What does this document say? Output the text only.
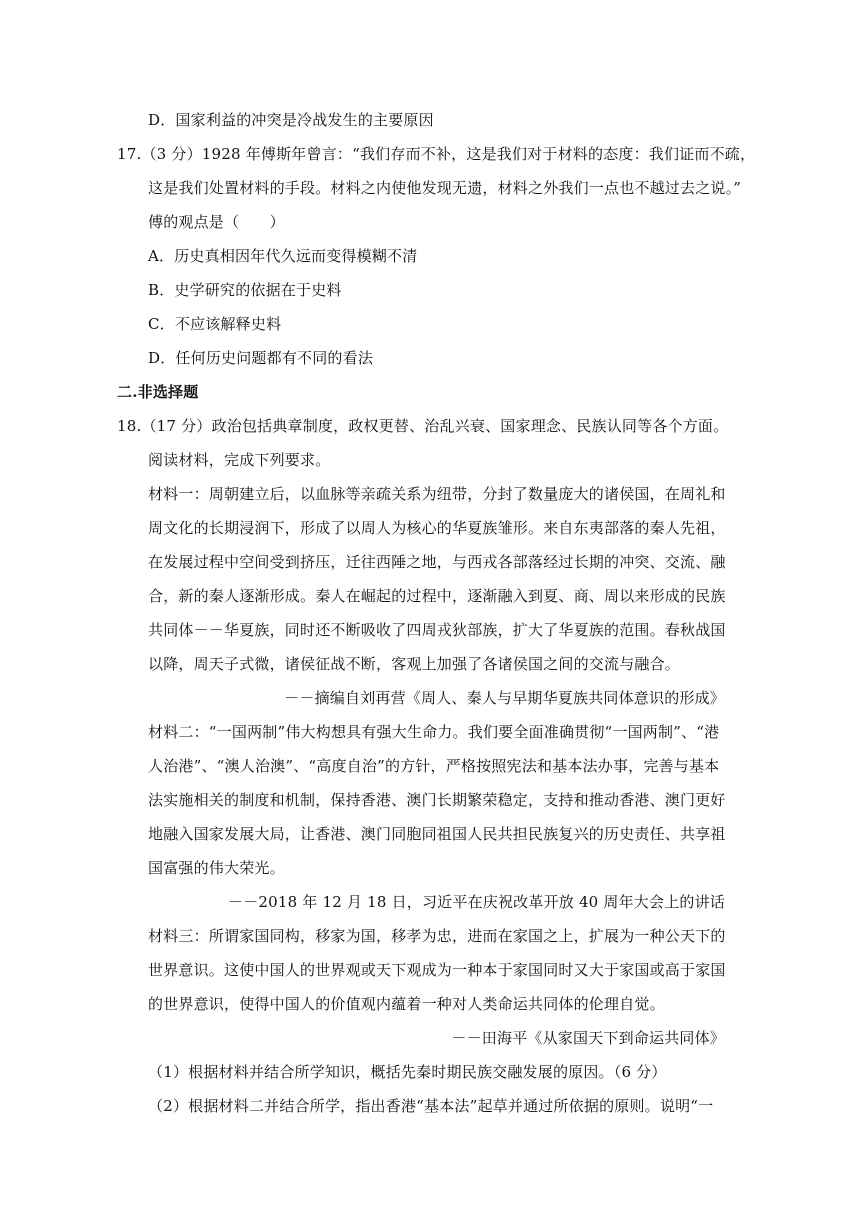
D．国家利益的冲突是冷战发生的主要原因
17.（3 分）1928 年傅斯年曾言：“我们存而不补，这是我们对于材料的态度：我们证而不疏，
这是我们处置材料的手段。材料之内使他发现无遗，材料之外我们一点也不越过去之说。”
傅的观点是（　　）
A．历史真相因年代久远而变得模糊不清
B．史学研究的依据在于史料
C．不应该解释史料
D．任何历史问题都有不同的看法
二.非选择题
18.（17 分）政治包括典章制度，政权更替、治乱兴衰、国家理念、民族认同等各个方面。
阅读材料，完成下列要求。
材料一：周朝建立后，以血脉等亲疏关系为纽带，分封了数量庞大的诸侯国，在周礼和
周文化的长期浸润下，形成了以周人为核心的华夏族雏形。来自东夷部落的秦人先祖，
在发展过程中空间受到挤压，迁往西陲之地，与西戎各部落经过长期的冲突、交流、融
合，新的秦人逐渐形成。秦人在崛起的过程中，逐渐融入到夏、商、周以来形成的民族
共同体－－华夏族，同时还不断吸收了四周戎狄部族，扩大了华夏族的范围。春秋战国
以降，周天子式微，诸侯征战不断，客观上加强了各诸侯国之间的交流与融合。
－－摘编自刘再营《周人、秦人与早期华夏族共同体意识的形成》
材料二：“一国两制”伟大构想具有强大生命力。我们要全面准确贯彻“一国两制”、“港
人治港”、“澳人治澳”、“高度自治”的方针，严格按照宪法和基本法办事，完善与基本
法实施相关的制度和机制，保持香港、澳门长期繁荣稳定，支持和推动香港、澳门更好
地融入国家发展大局，让香港、澳门同胞同祖国人民共担民族复兴的历史责任、共享祖
国富强的伟大荣光。
－－2018 年 12 月 18 日，习近平在庆祝改革开放 40 周年大会上的讲话
材料三：所谓家国同构，移家为国，移孝为忠，进而在家国之上，扩展为一种公天下的
世界意识。这使中国人的世界观或天下观成为一种本于家国同时又大于家国或高于家国
的世界意识，使得中国人的价值观内蕴着一种对人类命运共同体的伦理自觉。
－－田海平《从家国天下到命运共同体》
（1）根据材料并结合所学知识，概括先秦时期民族交融发展的原因。（6 分）
（2）根据材料二并结合所学，指出香港“基本法”起草并通过所依据的原则。说明“一
